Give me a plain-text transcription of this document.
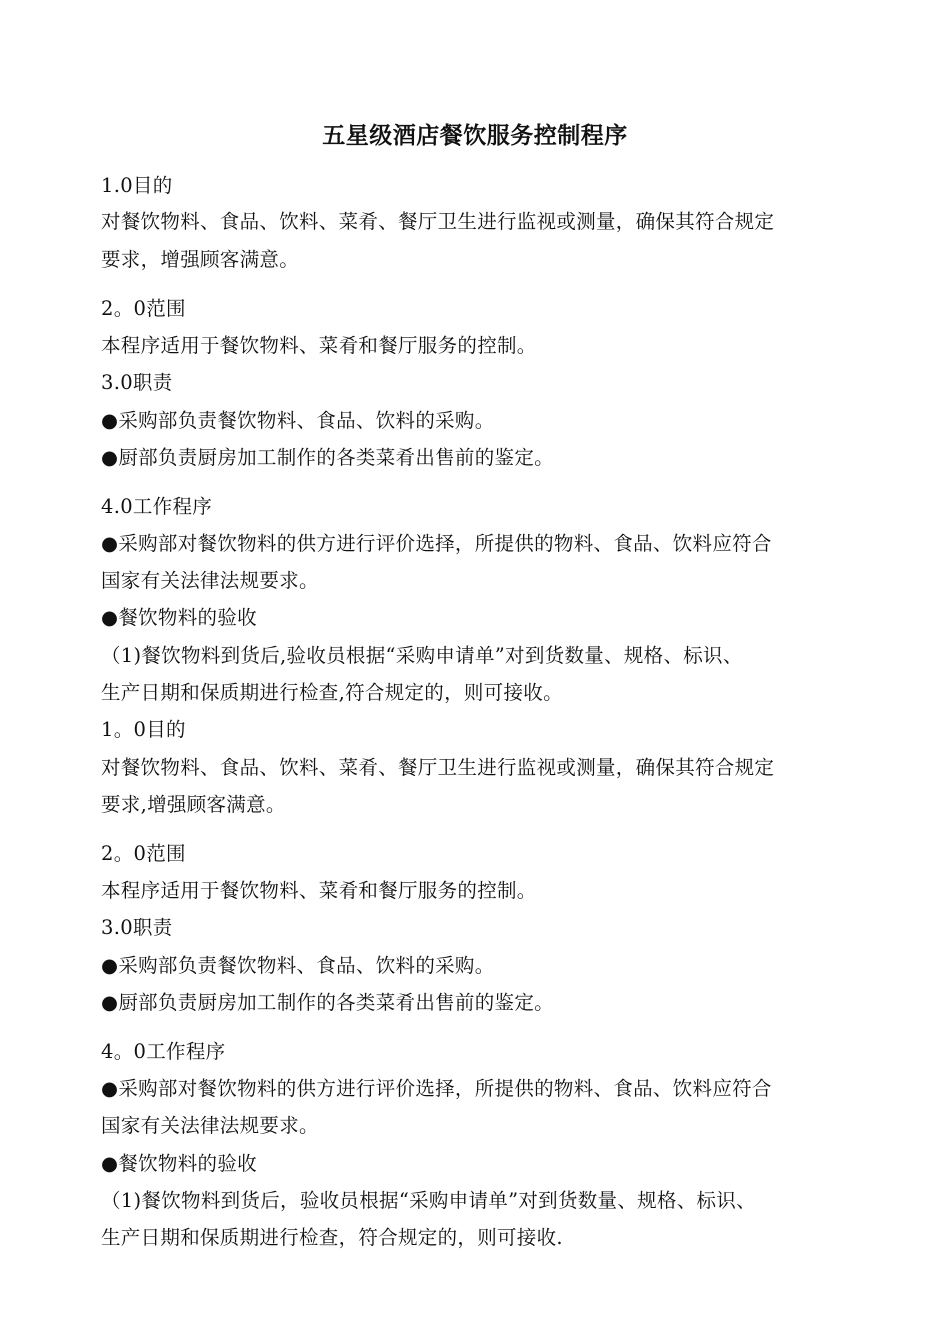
五星级酒店餐饮服务控制程序
1.0目的
对餐饮物料、食品、饮料、菜肴、餐厅卫生进行监视或测量，确保其符合规定
要求，增强顾客满意。
2。0范围
本程序适用于餐饮物料、菜肴和餐厅服务的控制。
3.0职责
●采购部负责餐饮物料、食品、饮料的采购。
●厨部负责厨房加工制作的各类菜肴出售前的鉴定。
4.0工作程序
●采购部对餐饮物料的供方进行评价选择，所提供的物料、食品、饮料应符合
国家有关法律法规要求。
●餐饮物料的验收
（1)餐饮物料到货后,验收员根据“采购申请单”对到货数量、规格、标识、
生产日期和保质期进行检查,符合规定的，则可接收。
1。0目的
对餐饮物料、食品、饮料、菜肴、餐厅卫生进行监视或测量，确保其符合规定
要求,增强顾客满意。
2。0范围
本程序适用于餐饮物料、菜肴和餐厅服务的控制。
3.0职责
●采购部负责餐饮物料、食品、饮料的采购。
●厨部负责厨房加工制作的各类菜肴出售前的鉴定。
4。0工作程序
●采购部对餐饮物料的供方进行评价选择，所提供的物料、食品、饮料应符合
国家有关法律法规要求。
●餐饮物料的验收
（1)餐饮物料到货后，验收员根据“采购申请单”对到货数量、规格、标识、
生产日期和保质期进行检查，符合规定的，则可接收.
